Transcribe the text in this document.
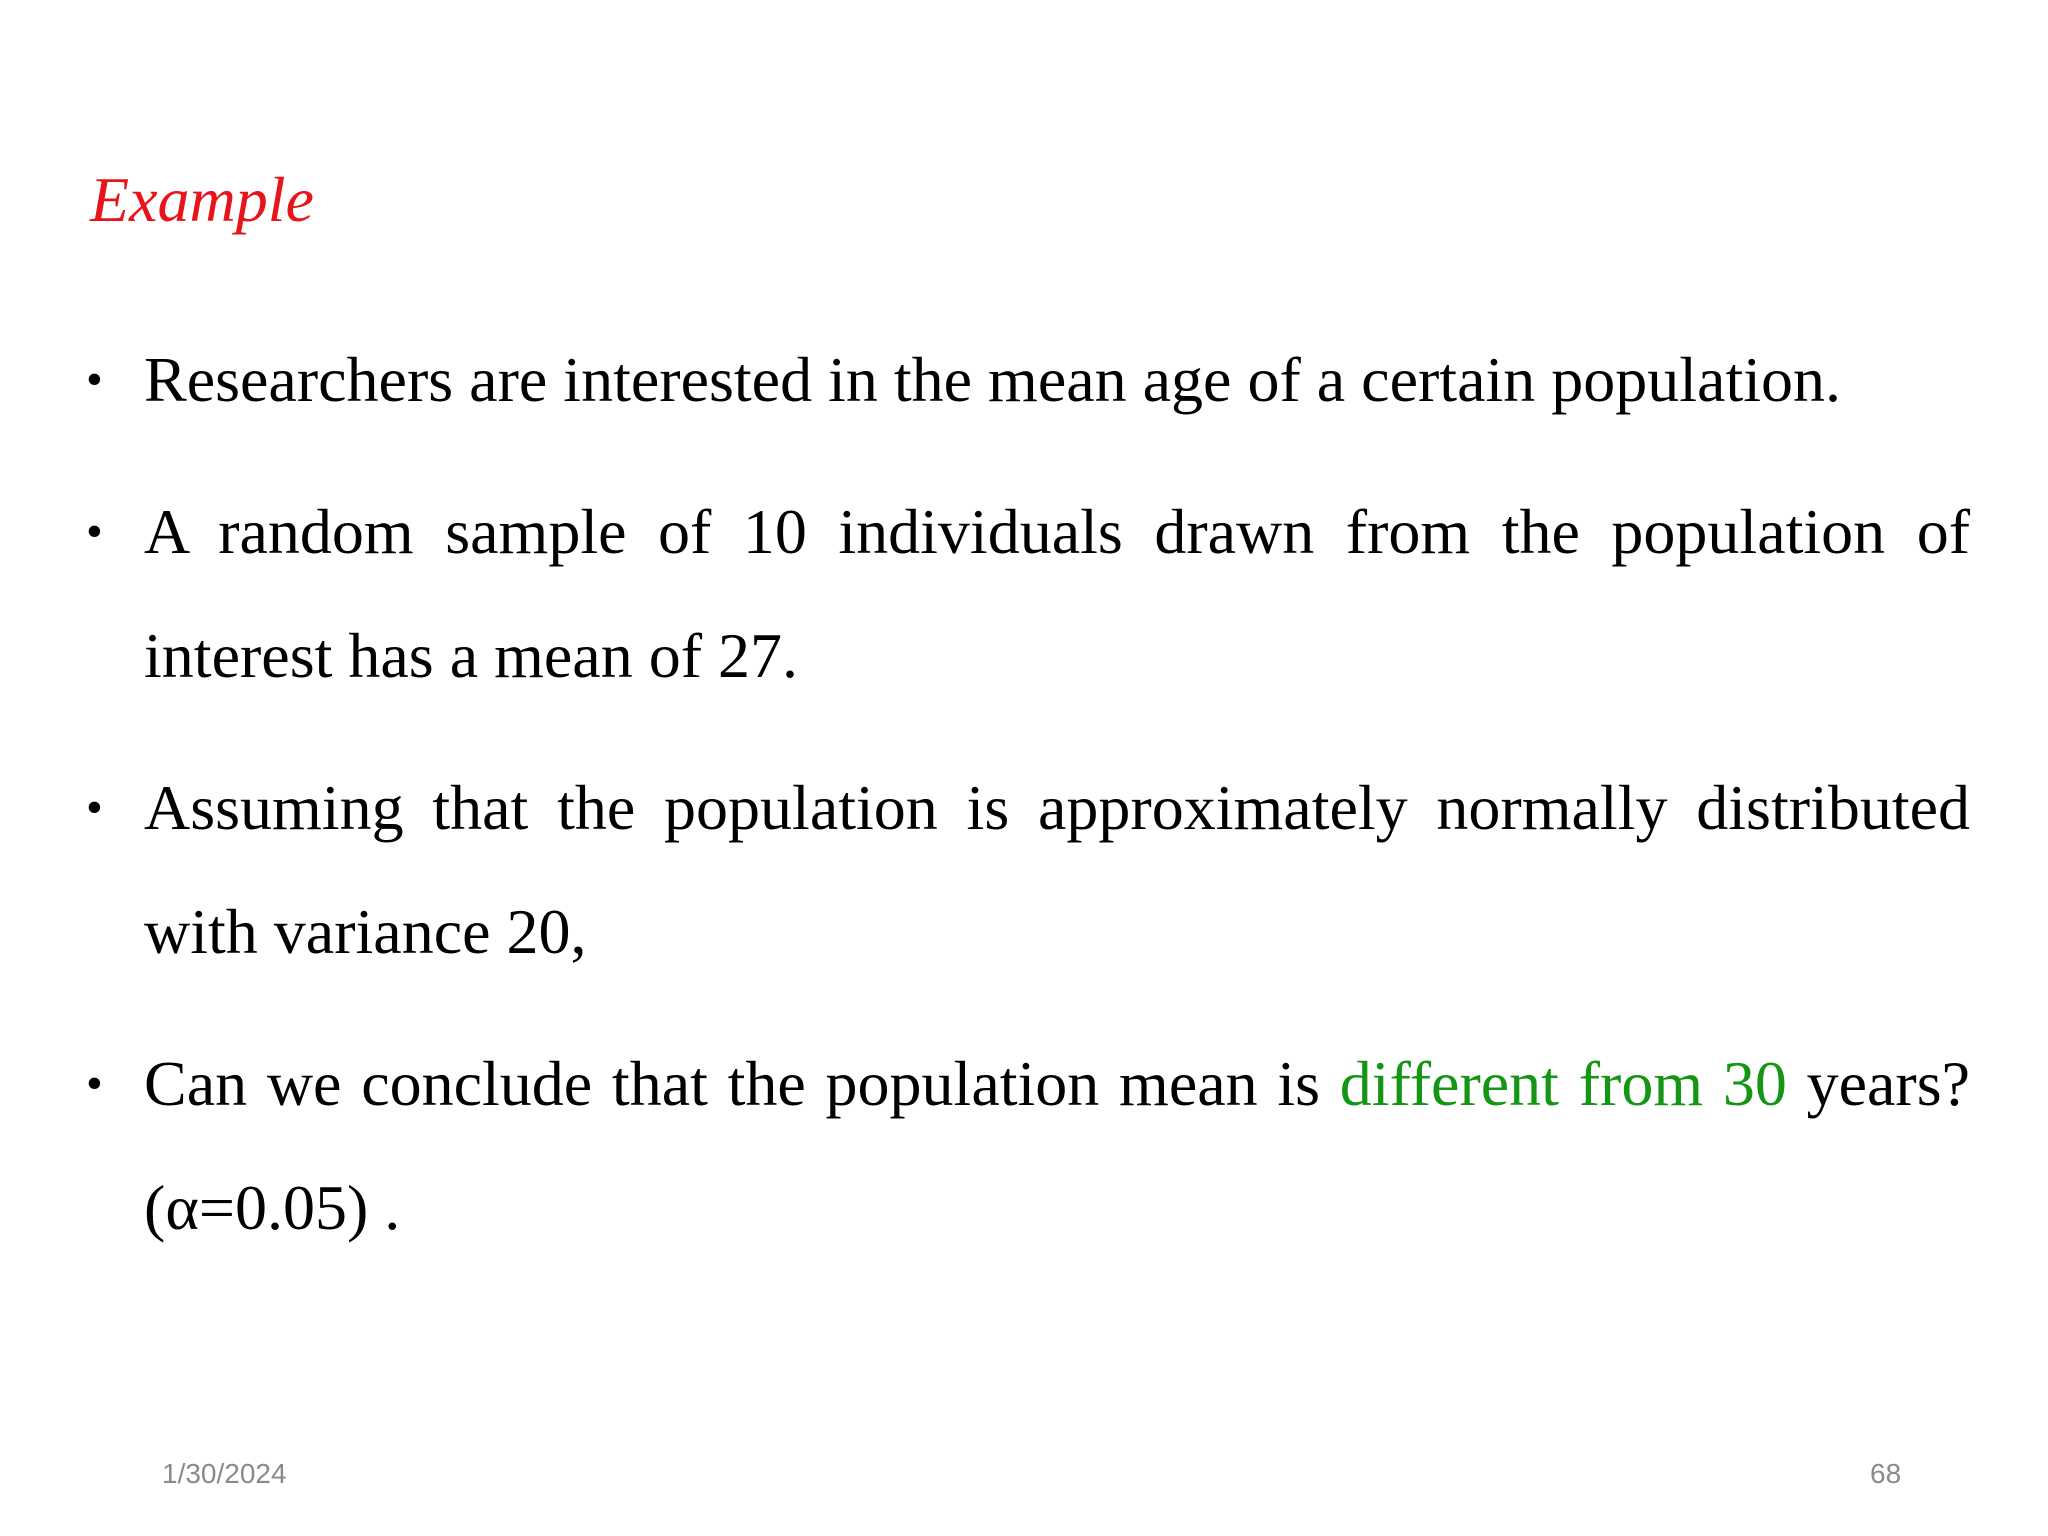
Example
• Researchers are interested in the mean age of a certain population.
• A random sample of 10 individuals drawn from the population of interest has a mean of 27.
• Assuming that the population is approximately normally distributed with variance 20,
• Can we conclude that the population mean is different from 30 years? (α=0.05) .
1/30/2024	68
